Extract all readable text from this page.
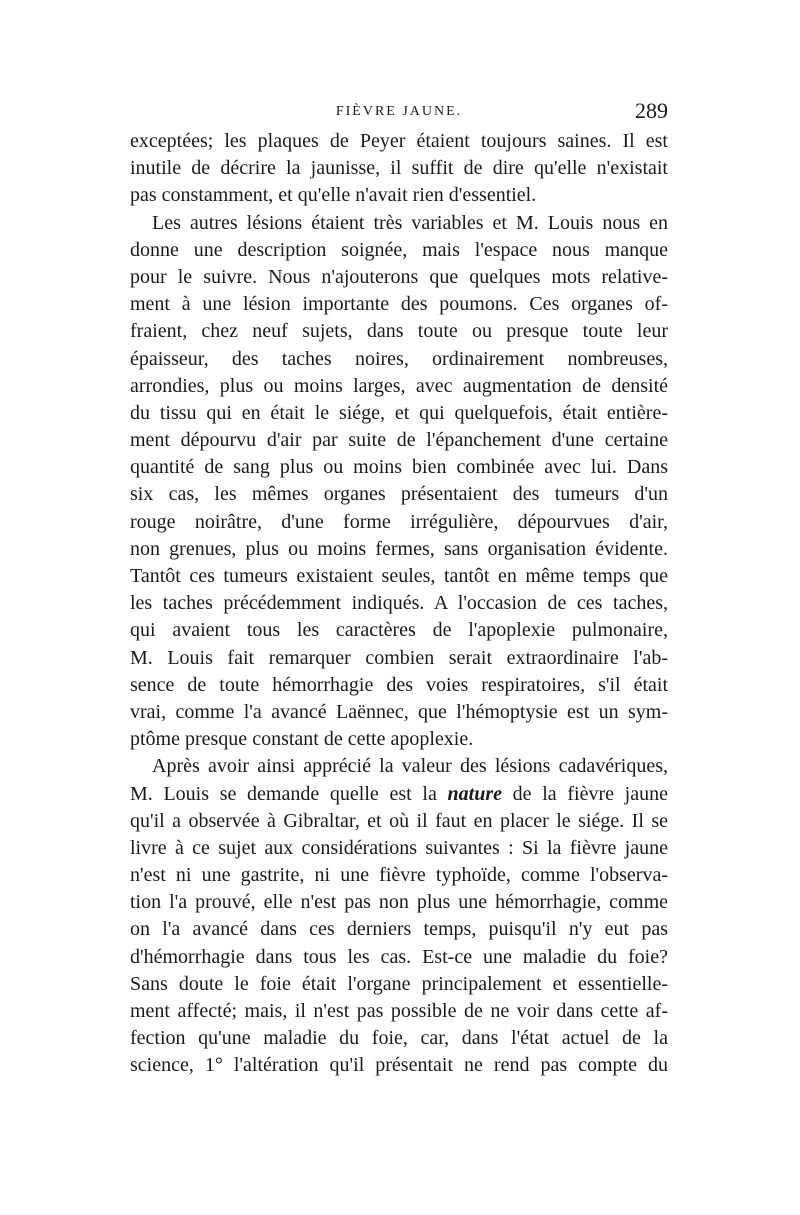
FIÈVRE JAUNE.	289
exceptées; les plaques de Peyer étaient toujours saines. Il est
inutile de décrire la jaunisse, il suffit de dire qu'elle n'existait
pas constamment, et qu'elle n'avait rien d'essentiel.
Les autres lésions étaient très variables et M. Louis nous en
donne une description soignée, mais l'espace nous manque
pour le suivre. Nous n'ajouterons que quelques mots relative-
ment à une lésion importante des poumons. Ces organes of-
fraient, chez neuf sujets, dans toute ou presque toute leur
épaisseur, des taches noires, ordinairement nombreuses,
arrondies, plus ou moins larges, avec augmentation de densité
du tissu qui en était le siége, et qui quelquefois, était entière-
ment dépourvu d'air par suite de l'épanchement d'une certaine
quantité de sang plus ou moins bien combinée avec lui. Dans
six cas, les mêmes organes présentaient des tumeurs d'un
rouge noirâtre, d'une forme irrégulière, dépourvues d'air,
non grenues, plus ou moins fermes, sans organisation évidente.
Tantôt ces tumeurs existaient seules, tantôt en même temps que
les taches précédemment indiqués. A l'occasion de ces taches,
qui avaient tous les caractères de l'apoplexie pulmonaire,
M. Louis fait remarquer combien serait extraordinaire l'ab-
sence de toute hémorrhagie des voies respiratoires, s'il était
vrai, comme l'a avancé Laënnec, que l'hémoptysie est un sym-
ptôme presque constant de cette apoplexie.
Après avoir ainsi apprécié la valeur des lésions cadavériques,
M. Louis se demande quelle est la nature de la fièvre jaune
qu'il a observée à Gibraltar, et où il faut en placer le siége. Il se
livre à ce sujet aux considérations suivantes : Si la fièvre jaune
n'est ni une gastrite, ni une fièvre typhoïde, comme l'observa-
tion l'a prouvé, elle n'est pas non plus une hémorrhagie, comme
on l'a avancé dans ces derniers temps, puisqu'il n'y eut pas
d'hémorrhagie dans tous les cas. Est-ce une maladie du foie?
Sans doute le foie était l'organe principalement et essentielle-
ment affecté; mais, il n'est pas possible de ne voir dans cette af-
fection qu'une maladie du foie, car, dans l'état actuel de la
science, 1° l'altération qu'il présentait ne rend pas compte du
